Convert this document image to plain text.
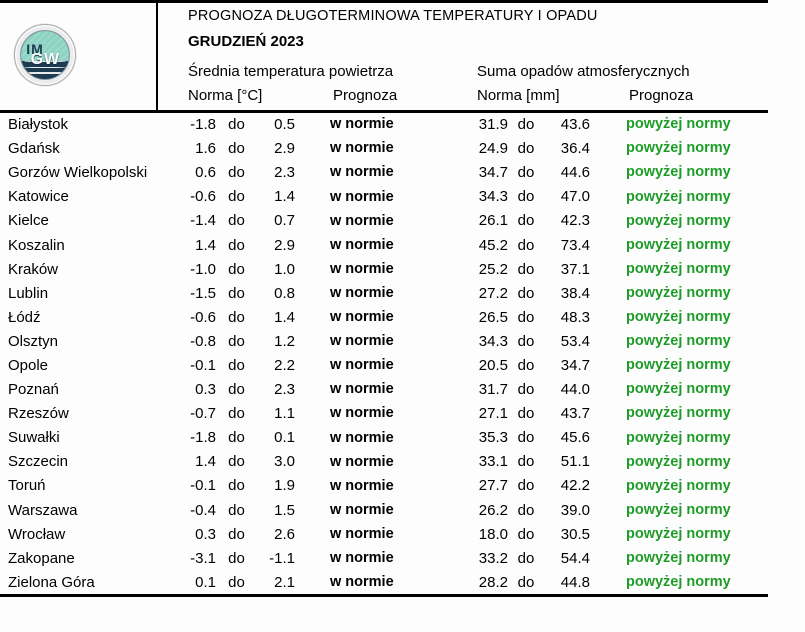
IM
GW
PROGNOZA DŁUGOTERMINOWA TEMPERATURY I OPADU
GRUDZIEŃ 2023
Średnia temperatura powietrza	Suma opadów atmosferycznych
Norma [°C]	Prognoza	Norma [mm]	Prognoza
Białystok	-1.8 do	0.5	w normie	31.9 do	43.6	powyżej normy
Gdańsk	1.6 do	2.9	w normie	24.9 do	36.4	powyżej normy
Gorzów Wielkopolski	0.6 do	2.3	w normie	34.7 do	44.6	powyżej normy
Katowice	-0.6 do	1.4	w normie	34.3 do	47.0	powyżej normy
Kielce	-1.4 do	0.7	w normie	26.1 do	42.3	powyżej normy
Koszalin	1.4 do	2.9	w normie	45.2 do	73.4	powyżej normy
Kraków	-1.0 do	1.0	w normie	25.2 do	37.1	powyżej normy
Lublin	-1.5 do	0.8	w normie	27.2 do	38.4	powyżej normy
Łódź	-0.6 do	1.4	w normie	26.5 do	48.3	powyżej normy
Olsztyn	-0.8 do	1.2	w normie	34.3 do	53.4	powyżej normy
Opole	-0.1 do	2.2	w normie	20.5 do	34.7	powyżej normy
Poznań	0.3 do	2.3	w normie	31.7 do	44.0	powyżej normy
Rzeszów	-0.7 do	1.1	w normie	27.1 do	43.7	powyżej normy
Suwałki	-1.8 do	0.1	w normie	35.3 do	45.6	powyżej normy
Szczecin	1.4 do	3.0	w normie	33.1 do	51.1	powyżej normy
Toruń	-0.1 do	1.9	w normie	27.7 do	42.2	powyżej normy
Warszawa	-0.4 do	1.5	w normie	26.2 do	39.0	powyżej normy
Wrocław	0.3 do	2.6	w normie	18.0 do	30.5	powyżej normy
Zakopane	-3.1 do	-1.1	w normie	33.2 do	54.4	powyżej normy
Zielona Góra	0.1 do	2.1	w normie	28.2 do	44.8	powyżej normy
